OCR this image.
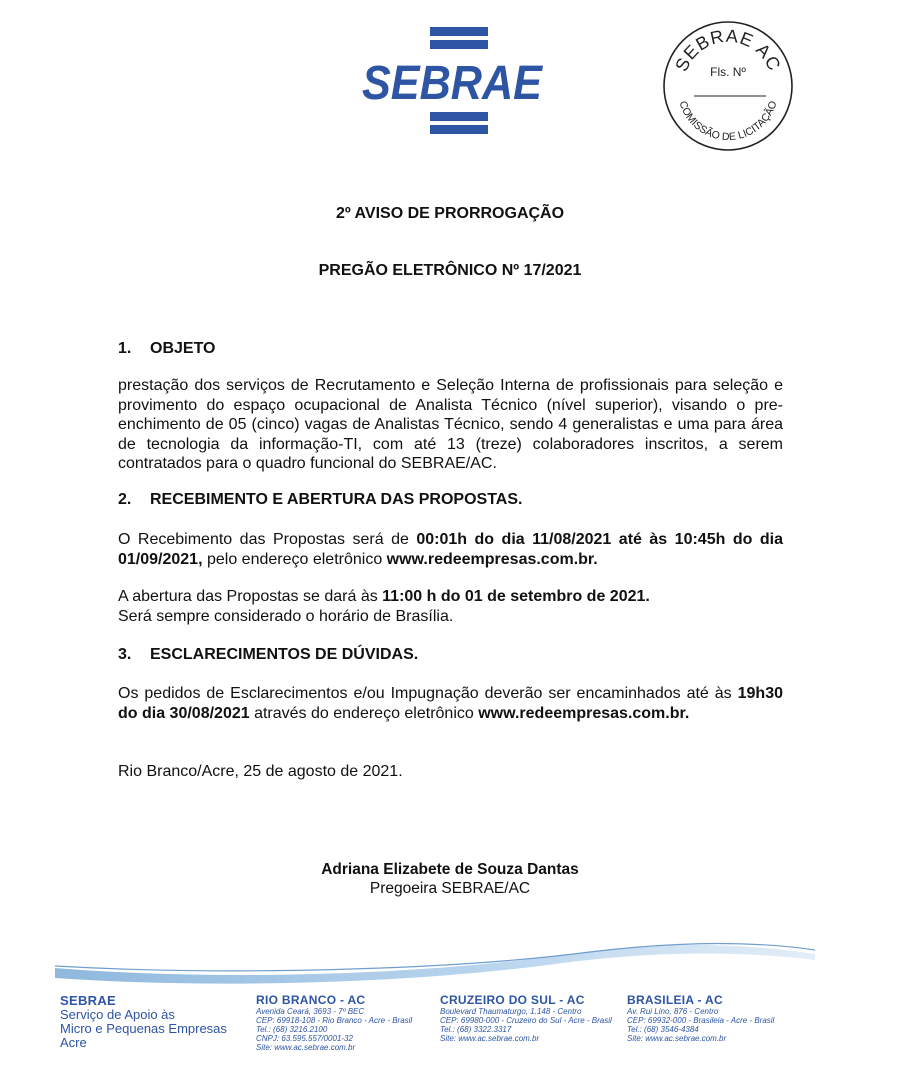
SEBRAE	SEBRAE AC
Fls. Nº
COMISSÃO DE LICITAÇÃO
2º AVISO DE PRORROGAÇÃO
PREGÃO ELETRÔNICO Nº 17/2021
1. OBJETO
prestação dos serviços de Recrutamento e Seleção Interna de profissionais para seleção e provimento do espaço ocupacional de Analista Técnico (nível superior), visando o pre-enchimento de 05 (cinco) vagas de Analistas Técnico, sendo 4 generalistas e uma para área de tecnologia da informação-TI, com até 13 (treze) colaboradores inscritos, a serem contratados para o quadro funcional do SEBRAE/AC.
2. RECEBIMENTO E ABERTURA DAS PROPOSTAS.
O Recebimento das Propostas será de 00:01h do dia 11/08/2021 até às 10:45h do dia 01/09/2021, pelo endereço eletrônico www.redeempresas.com.br.
A abertura das Propostas se dará às 11:00 h do 01 de setembro de 2021.
Será sempre considerado o horário de Brasília.
3. ESCLARECIMENTOS DE DÚVIDAS.
Os pedidos de Esclarecimentos e/ou Impugnação deverão ser encaminhados até às 19h30 do dia 30/08/2021 através do endereço eletrônico www.redeempresas.com.br.
Rio Branco/Acre, 25 de agosto de 2021.
Adriana Elizabete de Souza Dantas
Pregoeira SEBRAE/AC
SEBRAE
Serviço de Apoio às
Micro e Pequenas Empresas
Acre
RIO BRANCO - AC
Avenida Ceará, 3693 - 7º BEC
CEP: 69918-108 - Rio Branco - Acre - Brasil
Tel.: (68) 3216.2100
CNPJ: 63.595.557/0001-32
Site: www.ac.sebrae.com.br
CRUZEIRO DO SUL - AC
Boulevard Thaumaturgo, 1.148 - Centro
CEP: 69980-000 - Cruzeiro do Sul - Acre - Brasil
Tel.: (68) 3322.3317
Site: www.ac.sebrae.com.br
BRASILEIA - AC
Av. Rui Lino, 876 - Centro
CEP: 69932-000 - Brasileia - Acre - Brasil
Tel.: (68) 3546-4384
Site: www.ac.sebrae.com.br
